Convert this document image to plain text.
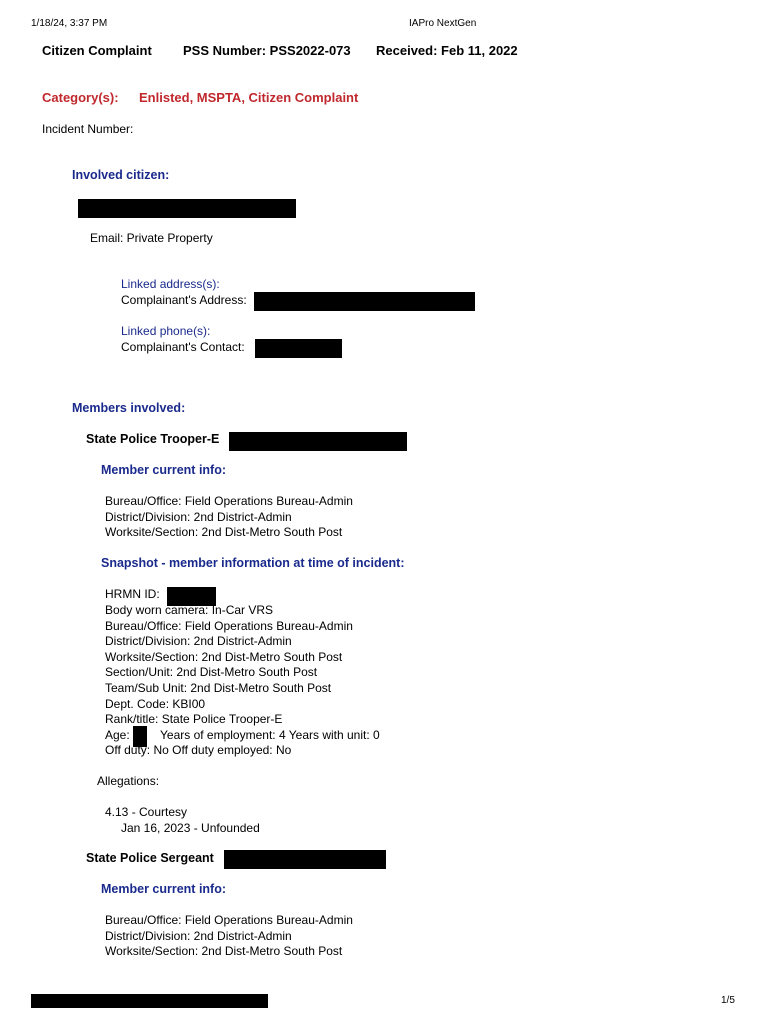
1/18/24, 3:37 PM	IAPro NextGen
Citizen Complaint PSS Number: PSS2022-073 Received: Feb 11, 2022
Category(s): Enlisted, MSPTA, Citizen Complaint
Incident Number:
Involved citizen:
Email: Private Property
Linked address(s):
Complainant's Address:
Linked phone(s):
Complainant's Contact:
Members involved:
State Police Trooper-E
Member current info:
Bureau/Office: Field Operations Bureau-Admin
District/Division: 2nd District-Admin
Worksite/Section: 2nd Dist-Metro South Post
Snapshot - member information at time of incident:
HRMN ID:
Body worn camera: In-Car VRS
Bureau/Office: Field Operations Bureau-Admin
District/Division: 2nd District-Admin
Worksite/Section: 2nd Dist-Metro South Post
Section/Unit: 2nd Dist-Metro South Post
Team/Sub Unit: 2nd Dist-Metro South Post
Dept. Code: KBI00
Rank/title: State Police Trooper-E
Age:	Years of employment: 4 Years with unit: 0
Off duty: No Off duty employed: No
Allegations:
4.13 - Courtesy
Jan 16, 2023 - Unfounded
State Police Sergeant
Member current info:
Bureau/Office: Field Operations Bureau-Admin
District/Division: 2nd District-Admin
Worksite/Section: 2nd Dist-Metro South Post
1/5
